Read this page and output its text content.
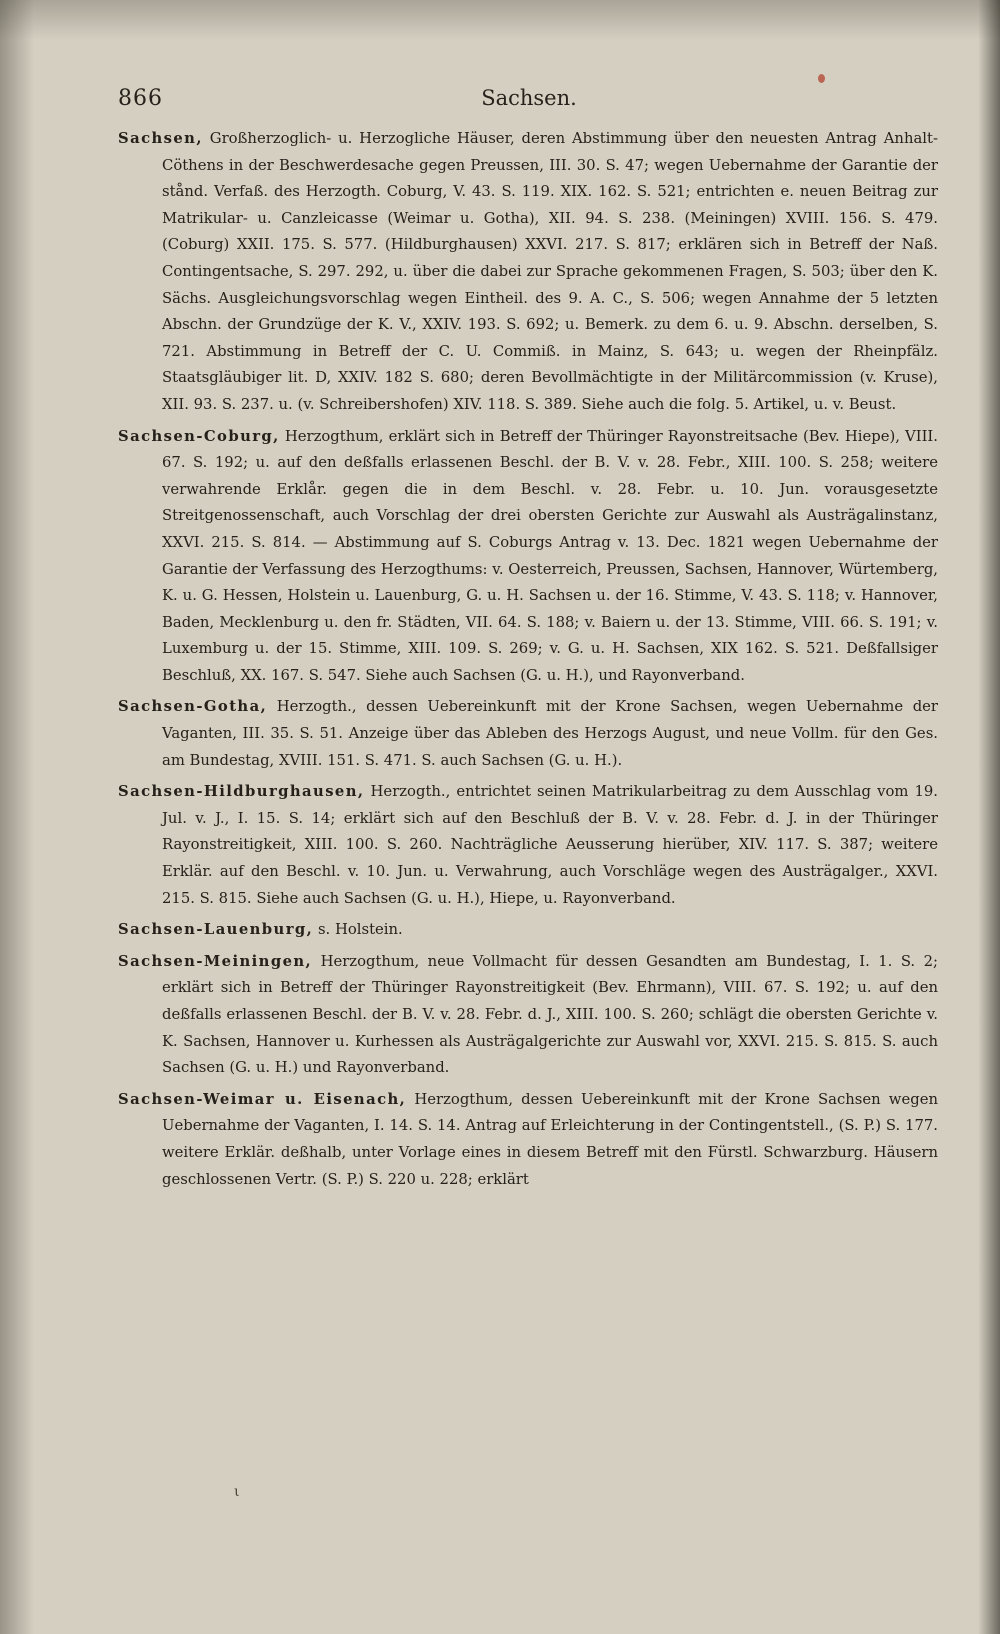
866	Sachsen.

Sachsen, Großherzoglich- u. Herzogliche Häuser, deren Abstimmung über den neuesten Antrag Anhalt-Cöthens in der Beschwerdesache gegen Preussen, III. 30. S. 47; wegen Uebernahme der Garantie der stånd. Verfaß. des Herzogth. Coburg, V. 43. S. 119. XIX. 162. S. 521; entrichten e. neuen Beitrag zur Matrikular- u. Canzleicasse (Weimar u. Gotha), XII. 94. S. 238. (Meiningen) XVIII. 156. S. 479. (Coburg) XXII. 175. S. 577. (Hildburghausen) XXVI. 217. S. 817; erklären sich in Betreff der Naß. Contingentsache, S. 297. 292, u. über die dabei zur Sprache gekommenen Fragen, S. 503; über den K. Sächs. Ausgleichungsvorschlag wegen Eintheil. des 9. A. C., S. 506; wegen Annahme der 5 letzten Abschn. der Grundzüge der K. V., XXIV. 193. S. 692; u. Bemerk. zu dem 6. u. 9. Abschn. derselben, S. 721. Abstimmung in Betreff der C. U. Commiß. in Mainz, S. 643; u. wegen der Rheinpfälz. Staatsgläubiger lit. D, XXIV. 182 S. 680; deren Bevollmächtigte in der Militärcommission (v. Kruse), XII. 93. S. 237. u. (v. Schreibershofen) XIV. 118. S. 389. Siehe auch die folg. 5. Artikel, u. v. Beust.

Sachsen-Coburg, Herzogthum, erklärt sich in Betreff der Thüringer Rayonstreitsache (Bev. Hiepe), VIII. 67. S. 192; u. auf den deßfalls erlassenen Beschl. der B. V. v. 28. Febr., XIII. 100. S. 258; weitere verwahrende Erklår. gegen die in dem Beschl. v. 28. Febr. u. 10. Jun. vorausgesetzte Streitgenossenschaft, auch Vorschlag der drei obersten Gerichte zur Auswahl als Austrägalinstanz, XXVI. 215. S. 814. — Abstimmung auf S. Coburgs Antrag v. 13. Dec. 1821 wegen Uebernahme der Garantie der Verfassung des Herzogthums: v. Oesterreich, Preussen, Sachsen, Hannover, Würtemberg, K. u. G. Hessen, Holstein u. Lauenburg, G. u. H. Sachsen u. der 16. Stimme, V. 43. S. 118; v. Hannover, Baden, Mecklenburg u. den fr. Städten, VII. 64. S. 188; v. Baiern u. der 13. Stimme, VIII. 66. S. 191; v. Luxemburg u. der 15. Stimme, XIII. 109. S. 269; v. G. u. H. Sachsen, XIX 162. S. 521. Deßfallsiger Beschluß, XX. 167. S. 547. Siehe auch Sachsen (G. u. H.), und Rayonverband.

Sachsen-Gotha, Herzogth., dessen Uebereinkunft mit der Krone Sachsen, wegen Uebernahme der Vaganten, III. 35. S. 51. Anzeige über das Ableben des Herzogs August, und neue Vollm. für den Ges. am Bundestag, XVIII. 151. S. 471. S. auch Sachsen (G. u. H.).

Sachsen-Hildburghausen, Herzogth., entrichtet seinen Matrikularbeitrag zu dem Ausschlag vom 19. Jul. v. J., I. 15. S. 14; erklärt sich auf den Beschluß der B. V. v. 28. Febr. d. J. in der Thüringer Rayonstreitigkeit, XIII. 100. S. 260. Nachträgliche Aeusserung hierüber, XIV. 117. S. 387; weitere Erklär. auf den Beschl. v. 10. Jun. u. Verwahrung, auch Vorschläge wegen des Austrägalger., XXVI. 215. S. 815. Siehe auch Sachsen (G. u. H.), Hiepe, u. Rayonverband.

Sachsen-Lauenburg, s. Holstein.

Sachsen-Meiningen, Herzogthum, neue Vollmacht für dessen Gesandten am Bundestag, I. 1. S. 2; erklärt sich in Betreff der Thüringer Rayonstreitigkeit (Bev. Ehrmann), VIII. 67. S. 192; u. auf den deßfalls erlassenen Beschl. der B. V. v. 28. Febr. d. J., XIII. 100. S. 260; schlägt die obersten Gerichte v. K. Sachsen, Hannover u. Kurhessen als Austrägalgerichte zur Auswahl vor, XXVI. 215. S. 815. S. auch Sachsen (G. u. H.) und Rayonverband.

Sachsen-Weimar u. Eisenach, Herzogthum, dessen Uebereinkunft mit der Krone Sachsen wegen Uebernahme der Vaganten, I. 14. S. 14. Antrag auf Erleichterung in der Contingentstell., (S. P.) S. 177. weitere Erklär. deßhalb, unter Vorlage eines in diesem Betreff mit den Fürstl. Schwarzburg. Häusern geschlossenen Vertr. (S. P.) S. 220 u. 228; erklärt

ι
